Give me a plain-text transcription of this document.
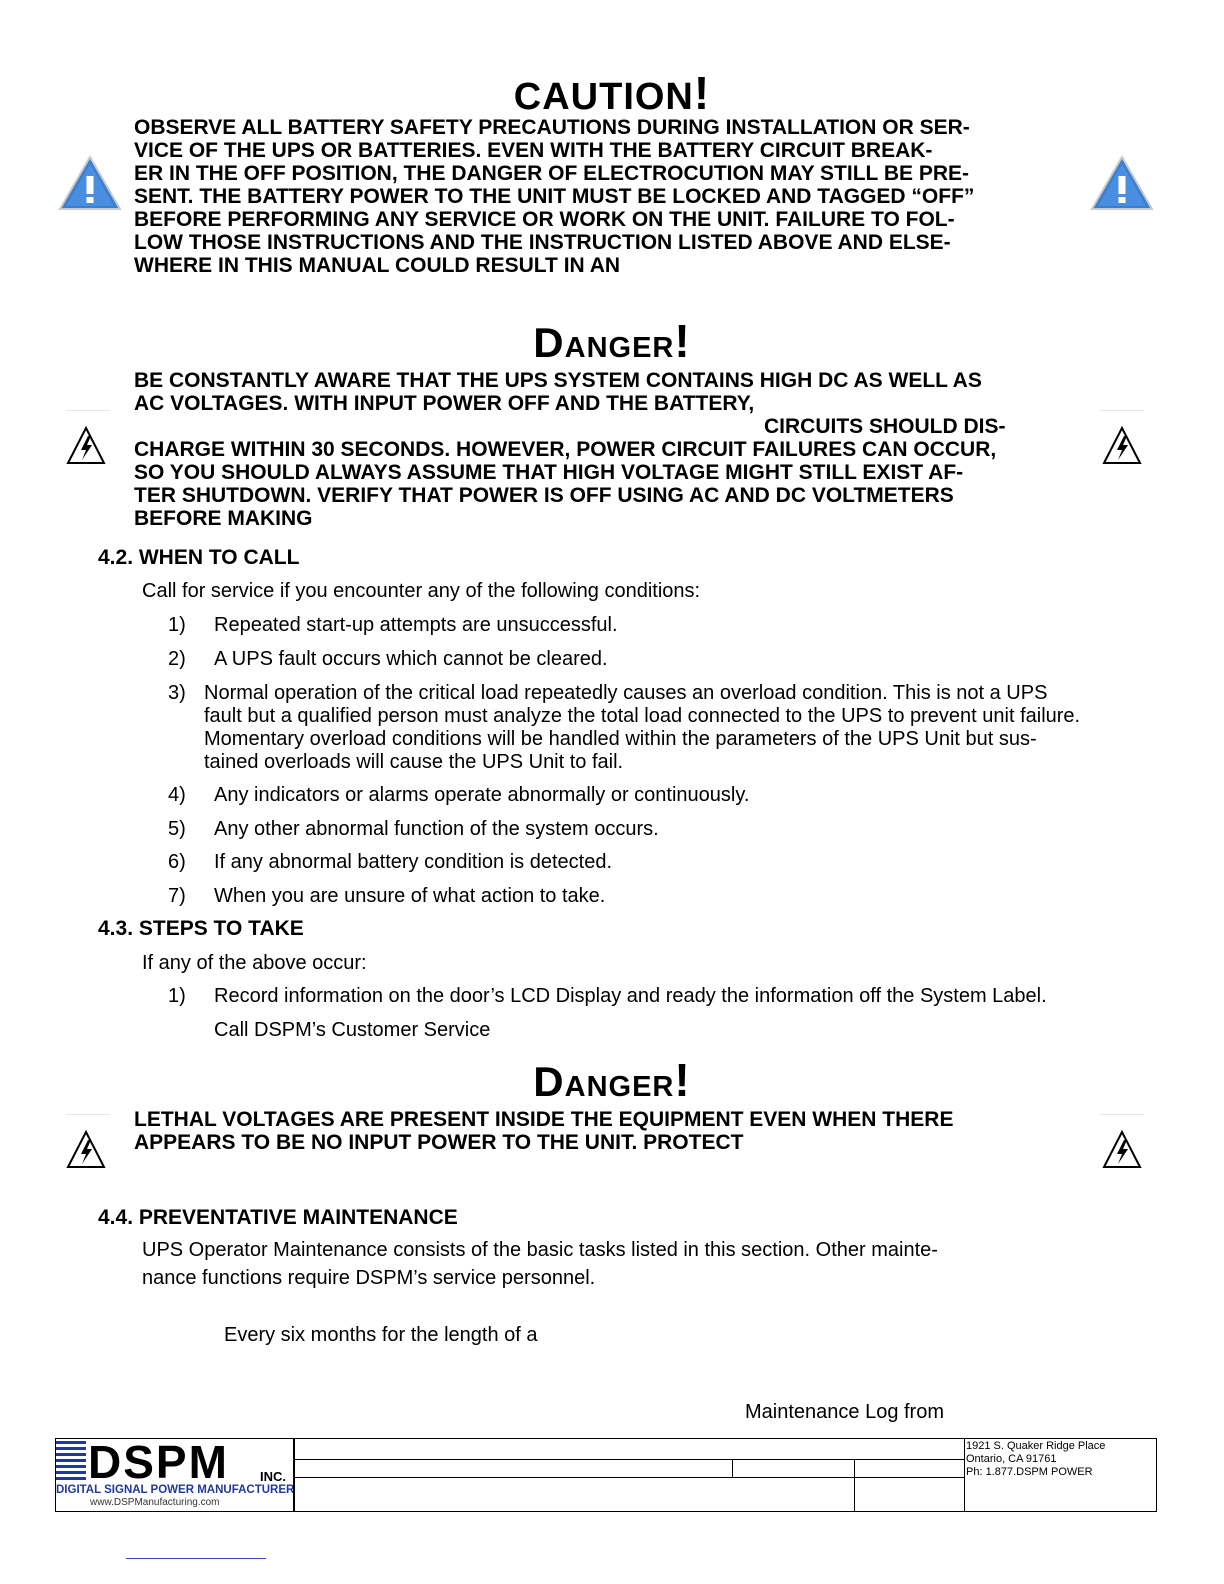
CAUTION!
OBSERVE ALL BATTERY SAFETY PRECAUTIONS DURING INSTALLATION OR SER-
VICE OF THE UPS OR BATTERIES. EVEN WITH THE BATTERY CIRCUIT BREAK-
ER IN THE OFF POSITION, THE DANGER OF ELECTROCUTION MAY STILL BE PRE-
SENT. THE BATTERY POWER TO THE UNIT MUST BE LOCKED AND TAGGED “OFF”
BEFORE PERFORMING ANY SERVICE OR WORK ON THE UNIT. FAILURE TO FOL-
LOW THOSE INSTRUCTIONS AND THE INSTRUCTION LISTED ABOVE AND ELSE-
WHERE IN THIS MANUAL COULD RESULT IN AN
Danger!
BE CONSTANTLY AWARE THAT THE UPS SYSTEM CONTAINS HIGH DC AS WELL AS
AC VOLTAGES. WITH INPUT POWER OFF AND THE BATTERY,
CIRCUITS SHOULD DIS-
CHARGE WITHIN 30 SECONDS. HOWEVER, POWER CIRCUIT FAILURES CAN OCCUR,
SO YOU SHOULD ALWAYS ASSUME THAT HIGH VOLTAGE MIGHT STILL EXIST AF-
TER SHUTDOWN. VERIFY THAT POWER IS OFF USING AC AND DC VOLTMETERS
BEFORE MAKING
4.2. WHEN TO CALL
Call for service if you encounter any of the following conditions:
1) Repeated start-up attempts are unsuccessful.
2) A UPS fault occurs which cannot be cleared.
3) Normal operation of the critical load repeatedly causes an overload condition. This is not a UPS
fault but a qualified person must analyze the total load connected to the UPS to prevent unit failure.
Momentary overload conditions will be handled within the parameters of the UPS Unit but sus-
tained overloads will cause the UPS Unit to fail.
4) Any indicators or alarms operate abnormally or continuously.
5) Any other abnormal function of the system occurs.
6) If any abnormal battery condition is detected.
7) When you are unsure of what action to take.
4.3. STEPS TO TAKE
If any of the above occur:
1) Record information on the door’s LCD Display and ready the information off the System Label.
Call DSPM’s Customer Service
Danger!
LETHAL VOLTAGES ARE PRESENT INSIDE THE EQUIPMENT EVEN WHEN THERE
APPEARS TO BE NO INPUT POWER TO THE UNIT. PROTECT
4.4. PREVENTATIVE MAINTENANCE
UPS Operator Maintenance consists of the basic tasks listed in this section. Other mainte-
nance functions require DSPM’s service personnel.
Every six months for the length of a
Maintenance Log from
DSPM INC.
DIGITAL SIGNAL POWER MANUFACTURER
www.DSPManufacturing.com
1921 S. Quaker Ridge Place
Ontario, CA 91761
Ph: 1.877.DSPM POWER
